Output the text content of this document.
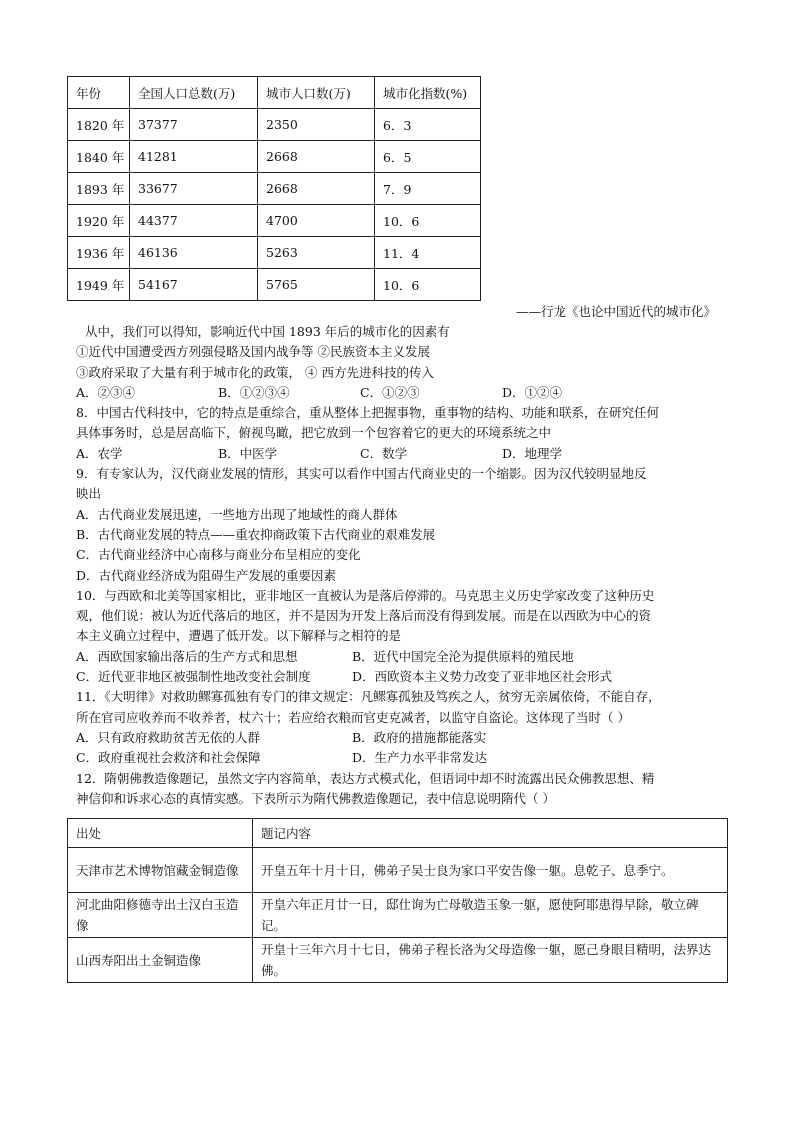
年份	全国人口总数(万)	城市人口数(万)	城市化指数(%)
1820 年	37377	2350	6．3
1840 年	41281	2668	6．5
1893 年	33677	2668	7．9
1920 年	44377	4700	10．6
1936 年	46136	5263	11．4
1949 年	54167	5765	10．6
——行龙《也论中国近代的城市化》
从中，我们可以得知，影响近代中国 1893 年后的城市化的因素有
①近代中国遭受西方列强侵略及国内战争等 ②民族资本主义发展
③政府采取了大量有利于城市化的政策， ④ 西方先进科技的传入
A．②③④	B．①②③④	C．①②③	D．①②④
8．中国古代科技中，它的特点是重综合，重从整体上把握事物，重事物的结构、功能和联系，在研究任何
具体事务时，总是居高临下，俯视鸟瞰，把它放到一个包容着它的更大的环境系统之中
A．农学	B．中医学	C．数学	D．地理学
9．有专家认为，汉代商业发展的情形，其实可以看作中国古代商业史的一个缩影。因为汉代较明显地反
映出
A．古代商业发展迅速，一些地方出现了地域性的商人群体
B．古代商业发展的特点——重农抑商政策下古代商业的艰难发展
C．古代商业经济中心南移与商业分布呈相应的变化
D．古代商业经济成为阻碍生产发展的重要因素
10．与西欧和北美等国家相比，亚非地区一直被认为是落后停滞的。马克思主义历史学家改变了这种历史
观，他们说：被认为近代落后的地区，并不是因为开发上落后而没有得到发展。而是在以西欧为中心的资
本主义确立过程中，遭遇了低开发。以下解释与之相符的是
A．西欧国家输出落后的生产方式和思想	B．近代中国完全沦为提供原料的殖民地
C．近代亚非地区被强制性地改变社会制度	D．西欧资本主义势力改变了亚非地区社会形式
11．《大明律》对救助鳏寡孤独有专门的律文规定：凡鳏寡孤独及笃疾之人，贫穷无亲属依倚，不能自存，
所在官司应收养而不收养者，杖六十；若应给衣粮而官吏克减者，以监守自盗论。这体现了当时（ ）
A．只有政府救助贫苦无依的人群	B．政府的措施都能落实
C．政府重视社会救济和社会保障	D．生产力水平非常发达
12．隋朝佛教造像题记，虽然文字内容简单，表达方式模式化，但语词中却不时流露出民众佛教思想、精
神信仰和诉求心态的真情实感。下表所示为隋代佛教造像题记，表中信息说明隋代（ ）
出处	题记内容
天津市艺术博物馆藏金铜造像	开皇五年十月十日，佛弟子吴士良为家口平安告像一躯。息乾子、息季宁。
河北曲阳修德寺出土汉白玉造像	开皇六年正月廿一日，邸仕询为亡母敬造玉象一躯，愿使阿耶患得早除，敬立碑记。
山西寿阳出土金铜造像	开皇十三年六月十七日，佛弟子程长洛为父母造像一躯，愿己身眼目精明，法界达佛。
